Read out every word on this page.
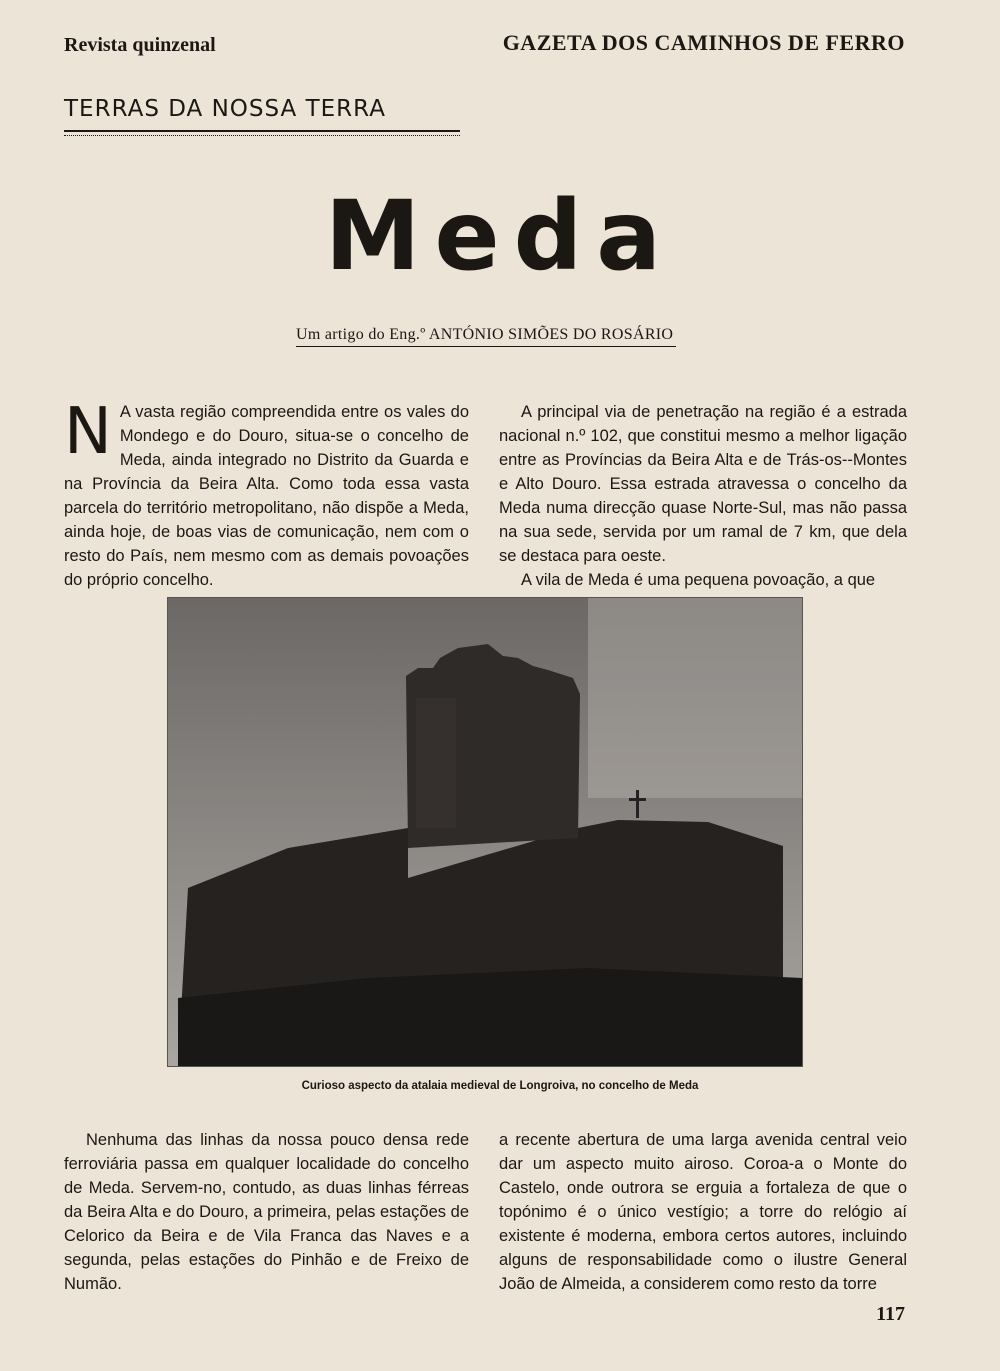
Revista quinzenal	GAZETA DOS CAMINHOS DE FERRO
TERRAS DA NOSSA TERRA
Meda
Um artigo do Eng.º ANTÓNIO SIMÕES DO ROSÁRIO

N A vasta região compreendida entre os vales do Mondego e do Douro, situa-se o concelho de Meda, ainda integrado no Distrito da Guarda e na Província da Beira Alta. Como toda essa vasta parcela do território metropolitano, não dispõe a Meda, ainda hoje, de boas vias de comunicação, nem com o resto do País, nem mesmo com as demais povoações do próprio concelho.

A principal via de penetração na região é a estrada nacional n.º 102, que constitui mesmo a melhor ligação entre as Províncias da Beira Alta e de Trás-os--Montes e Alto Douro. Essa estrada atravessa o concelho da Meda numa direcção quase Norte-Sul, mas não passa na sua sede, servida por um ramal de 7 km, que dela se destaca para oeste.

A vila de Meda é uma pequena povoação, a que

Curioso aspecto da atalaia medieval de Longroiva, no concelho de Meda

Nenhuma das linhas da nossa pouco densa rede ferroviária passa em qualquer localidade do concelho de Meda. Servem-no, contudo, as duas linhas férreas da Beira Alta e do Douro, a primeira, pelas estações de Celorico da Beira e de Vila Franca das Naves e a segunda, pelas estações do Pinhão e de Freixo de Numão.

a recente abertura de uma larga avenida central veio dar um aspecto muito airoso. Coroa-a o Monte do Castelo, onde outrora se erguia a fortaleza de que o topónimo é o único vestígio; a torre do relógio aí existente é moderna, embora certos autores, incluindo alguns de responsabilidade como o ilustre General João de Almeida, a considerem como resto da torre

117
